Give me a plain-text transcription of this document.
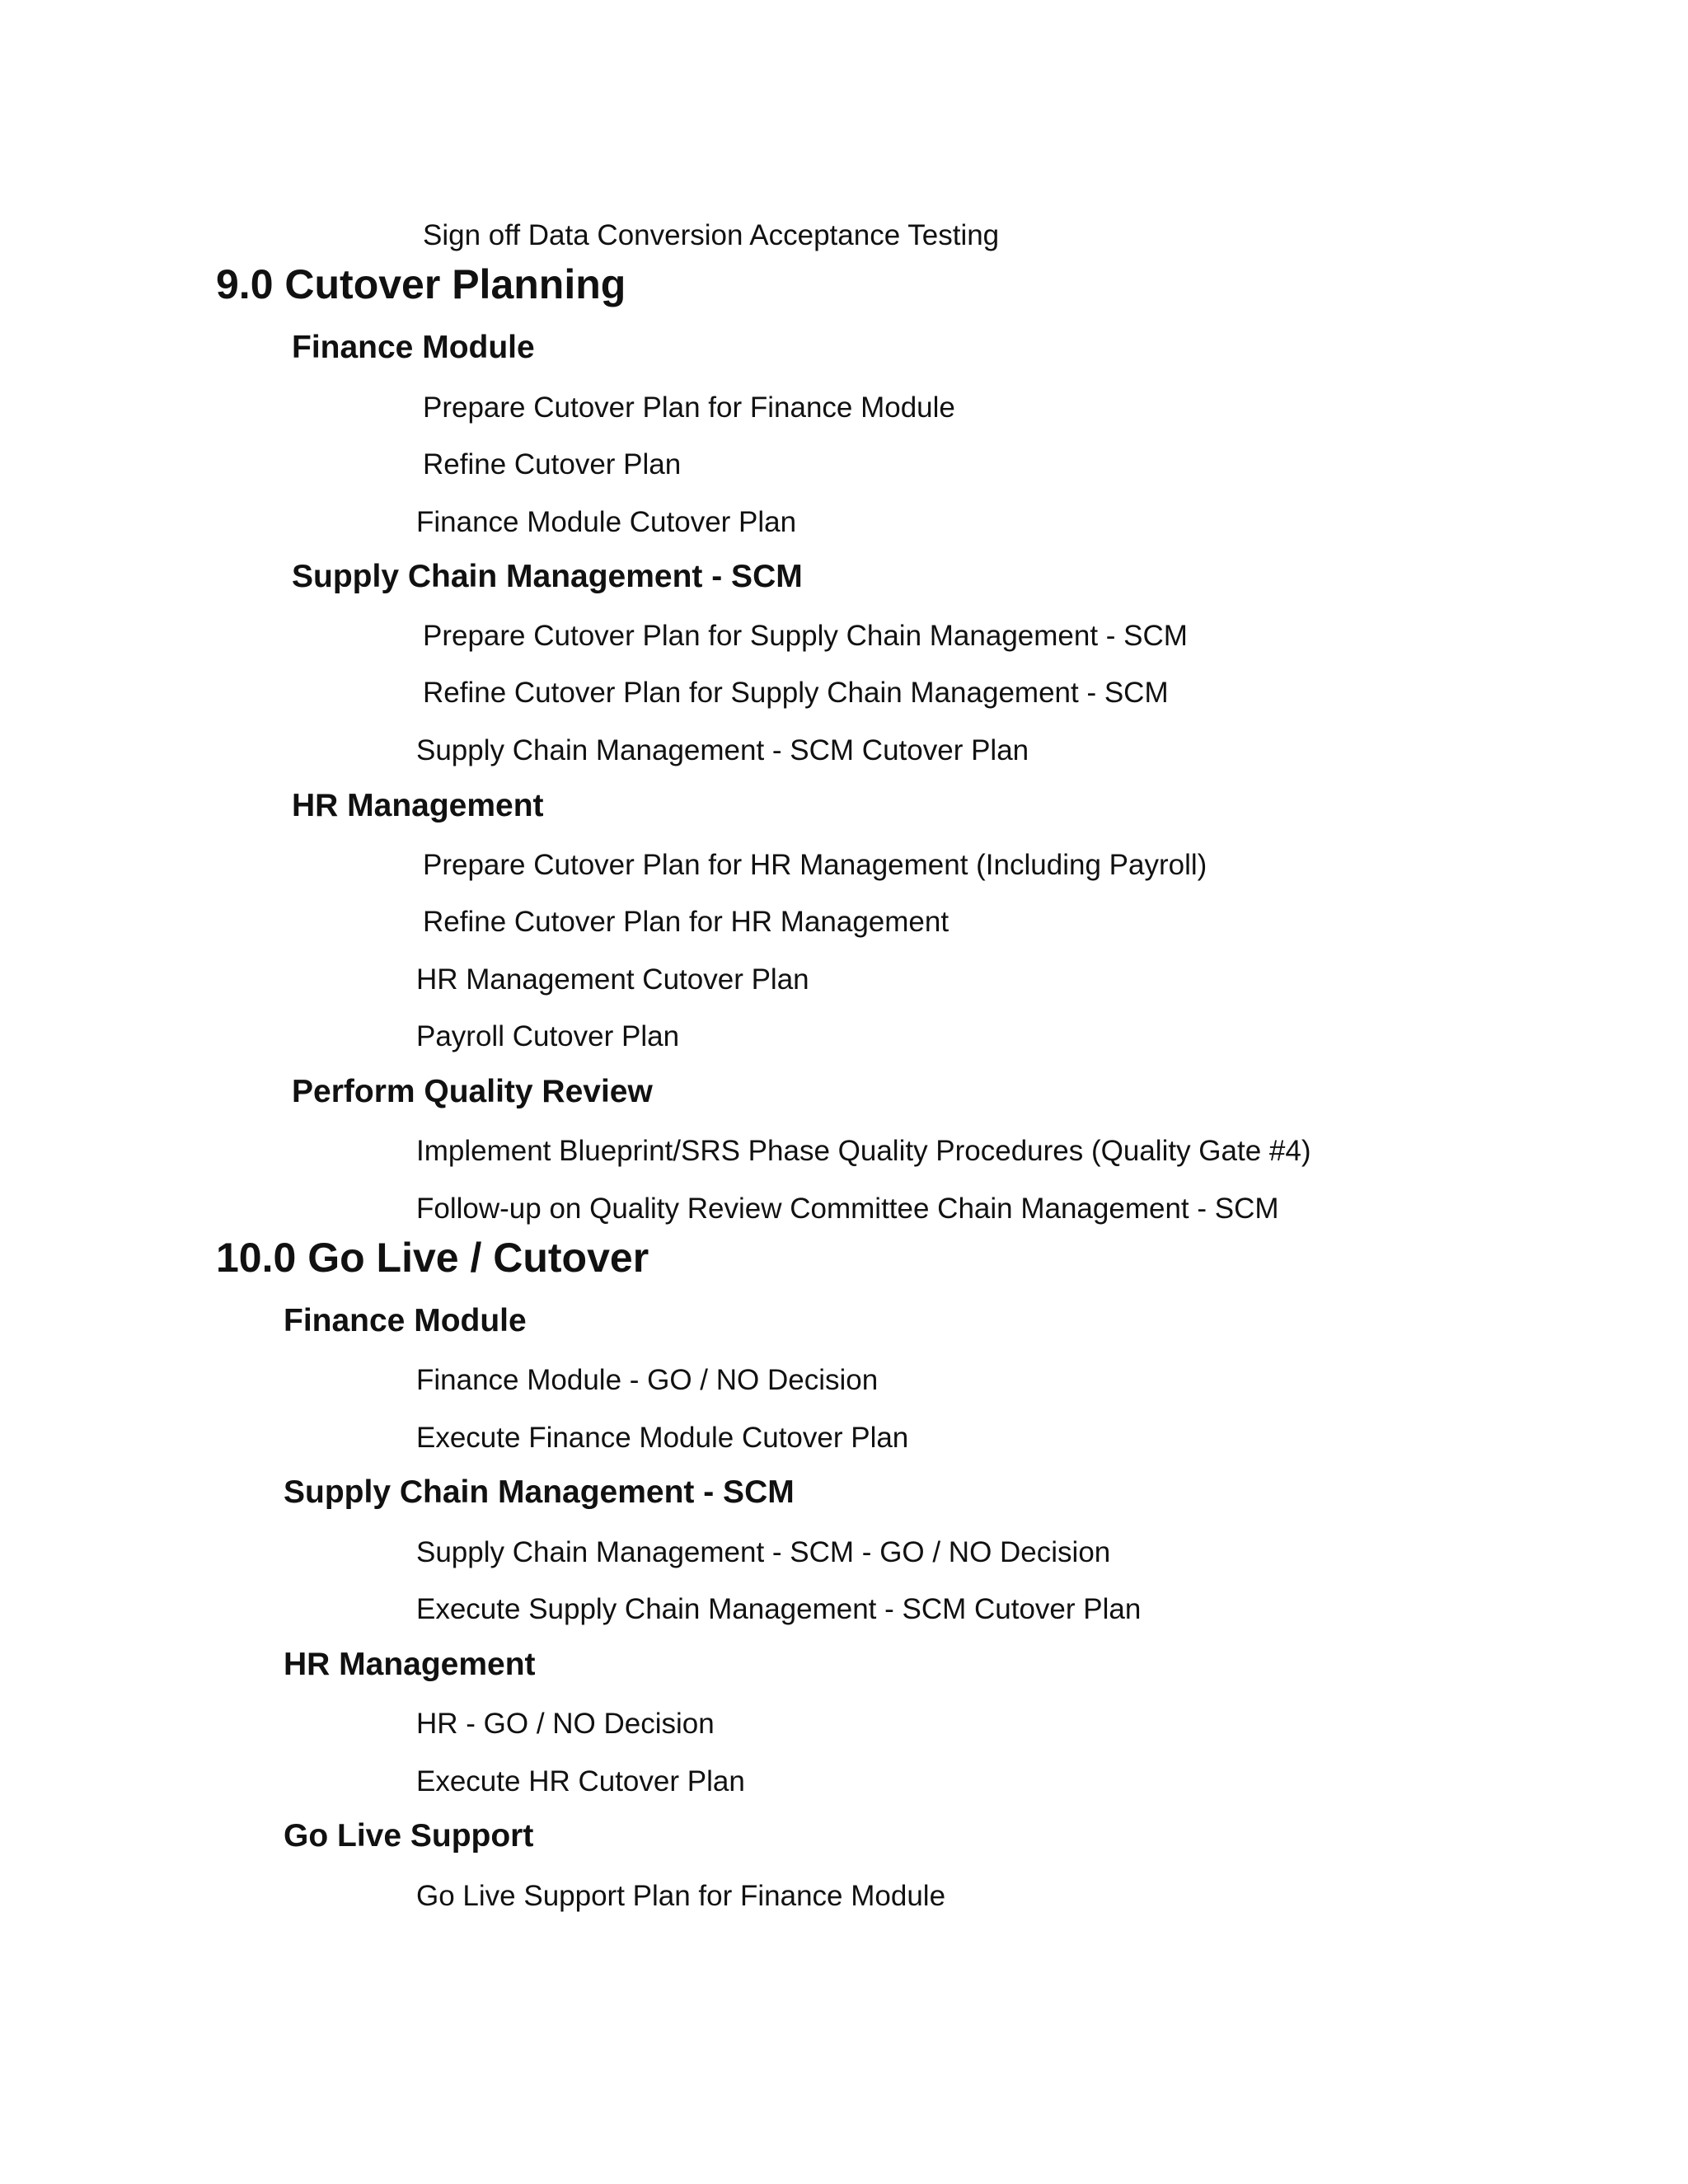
Sign off Data Conversion Acceptance Testing
9.0 Cutover Planning
Finance Module
Prepare Cutover Plan for Finance Module
Refine Cutover Plan
Finance Module Cutover Plan
Supply Chain Management - SCM
Prepare Cutover Plan for Supply Chain Management - SCM
Refine Cutover Plan for Supply Chain Management - SCM
Supply Chain Management - SCM Cutover Plan
HR Management
Prepare Cutover Plan for HR Management (Including Payroll)
Refine Cutover Plan for HR Management
HR Management Cutover Plan
Payroll Cutover Plan
Perform Quality Review
Implement Blueprint/SRS Phase Quality Procedures (Quality Gate #4)
Follow-up on Quality Review Committee Chain Management - SCM
10.0 Go Live / Cutover
Finance Module
Finance Module - GO / NO Decision
Execute Finance Module Cutover Plan
Supply Chain Management - SCM
Supply Chain Management - SCM - GO / NO Decision
Execute Supply Chain Management - SCM Cutover Plan
HR Management
HR - GO / NO Decision
Execute HR Cutover Plan
Go Live Support
Go Live Support Plan for Finance Module
